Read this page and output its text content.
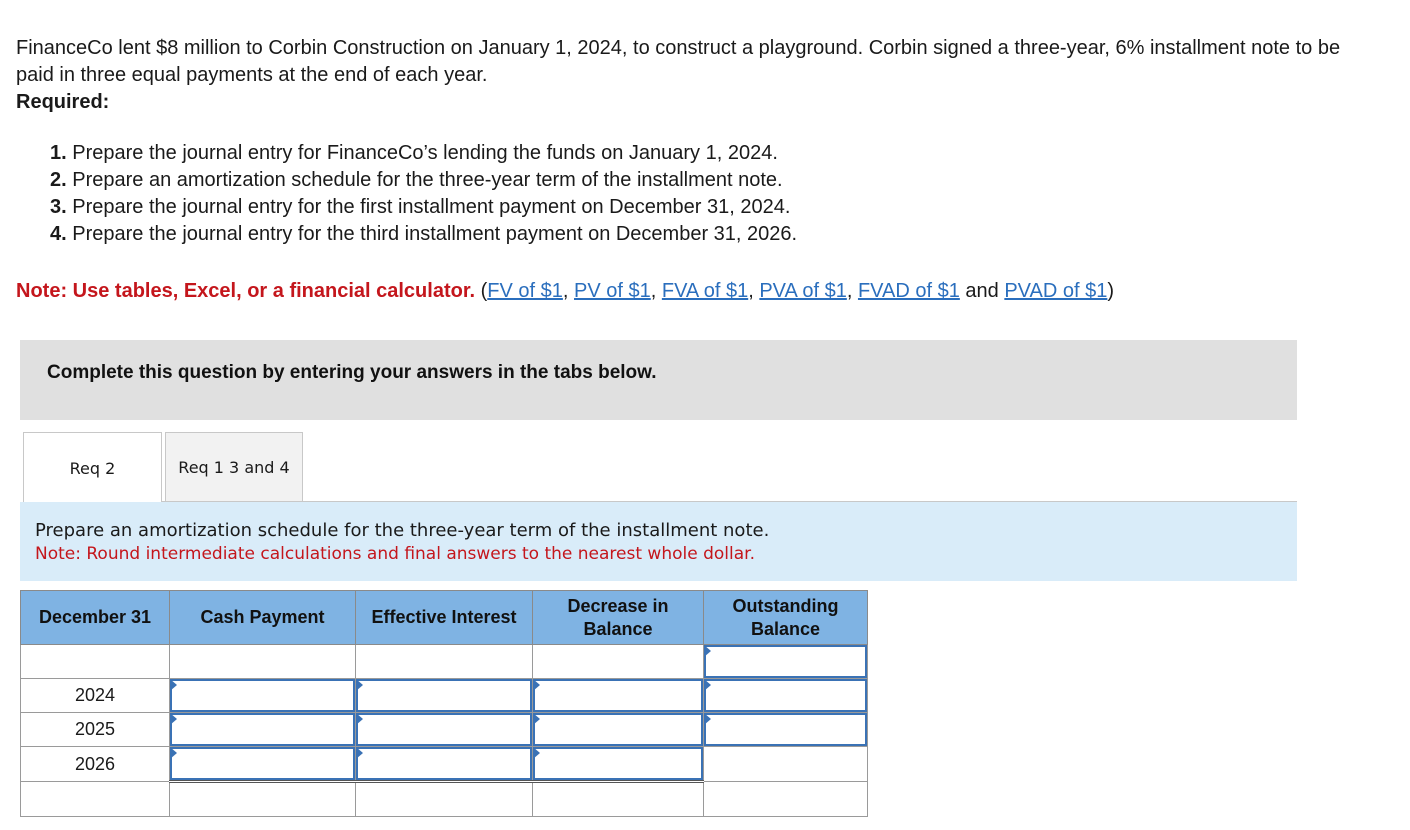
FinanceCo lent $8 million to Corbin Construction on January 1, 2024, to construct a playground. Corbin signed a three-year, 6% installment note to be paid in three equal payments at the end of each year.

Required:

1. Prepare the journal entry for FinanceCo’s lending the funds on January 1, 2024.
2. Prepare an amortization schedule for the three-year term of the installment note.
3. Prepare the journal entry for the first installment payment on December 31, 2024.
4. Prepare the journal entry for the third installment payment on December 31, 2026.
Note: Use tables, Excel, or a financial calculator. (FV of $1, PV of $1, FVA of $1, PVA of $1, FVAD of $1 and PVAD of $1)
Complete this question by entering your answers in the tabs below.
Req 2	Req 1 3 and 4
Prepare an amortization schedule for the three-year term of the installment note.
Note: Round intermediate calculations and final answers to the nearest whole dollar.
December 31	Cash Payment	Effective Interest	Decrease in Balance	Outstanding Balance

2024	

2025	

2026	
